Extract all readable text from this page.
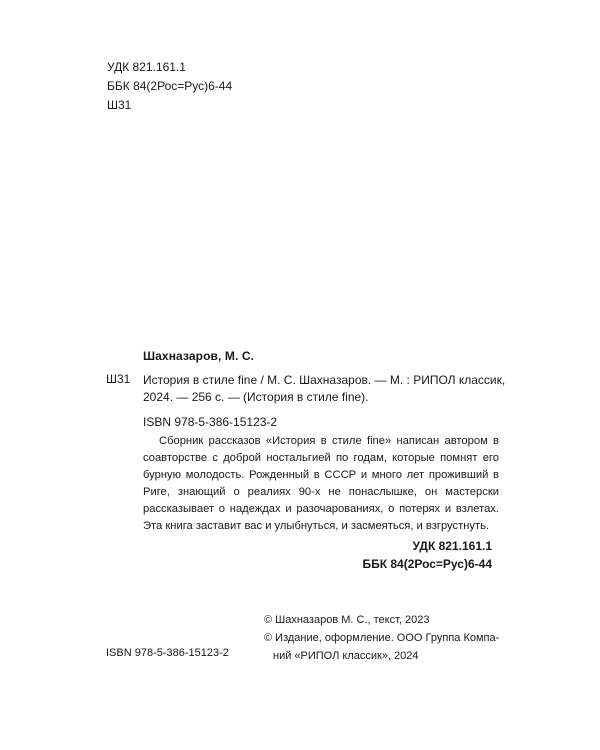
УДК 821.161.1
ББК 84(2Рос=Рус)6-44
Ш31
Шахназаров, М. С.
Ш31 История в стиле fine / М. С. Шахназаров. — М. : РИПОЛ классик,
2024. — 256 с. — (История в стиле fine).
ISBN 978-5-386-15123-2

Сборник рассказов «История в стиле fine» написан автором в соавторстве с доброй ностальгией по годам, которые помнят его бурную молодость. Рожденный в СССР и много лет проживший в Риге, знающий о реалиях 90-х не понаслышке, он мастерски рассказывает о надеждах и разочарованиях, о потерях и взлетах. Эта книга заставит вас и улыбнуться, и засмеяться, и взгрустнуть.

УДК 821.161.1
ББК 84(2Рос=Рус)6-44
© Шахназаров М. С., текст, 2023
© Издание, оформление. ООО Группа Компа-
ний «РИПОЛ классик», 2024
ISBN 978-5-386-15123-2
